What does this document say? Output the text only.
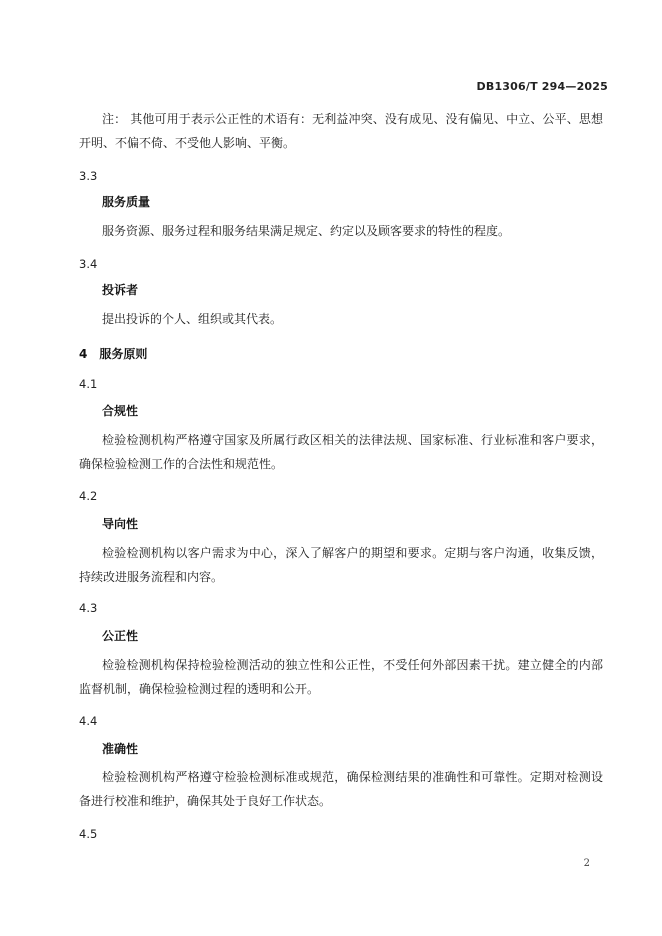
DB1306/T 294—2025
注： 其他可用于表示公正性的术语有：无利益冲突、没有成见、没有偏见、中立、公平、思想开明、不偏不倚、不受他人影响、平衡。
3.3
服务质量
服务资源、服务过程和服务结果满足规定、约定以及顾客要求的特性的程度。
3.4
投诉者
提出投诉的个人、组织或其代表。
4 服务原则
4.1
合规性
检验检测机构严格遵守国家及所属行政区相关的法律法规、国家标准、行业标准和客户要求，确保检验检测工作的合法性和规范性。
4.2
导向性
检验检测机构以客户需求为中心，深入了解客户的期望和要求。定期与客户沟通，收集反馈，持续改进服务流程和内容。
4.3
公正性
检验检测机构保持检验检测活动的独立性和公正性，不受任何外部因素干扰。建立健全的内部监督机制，确保检验检测过程的透明和公开。
4.4
准确性
检验检测机构严格遵守检验检测标准或规范，确保检测结果的准确性和可靠性。定期对检测设备进行校准和维护，确保其处于良好工作状态。
4.5
2
